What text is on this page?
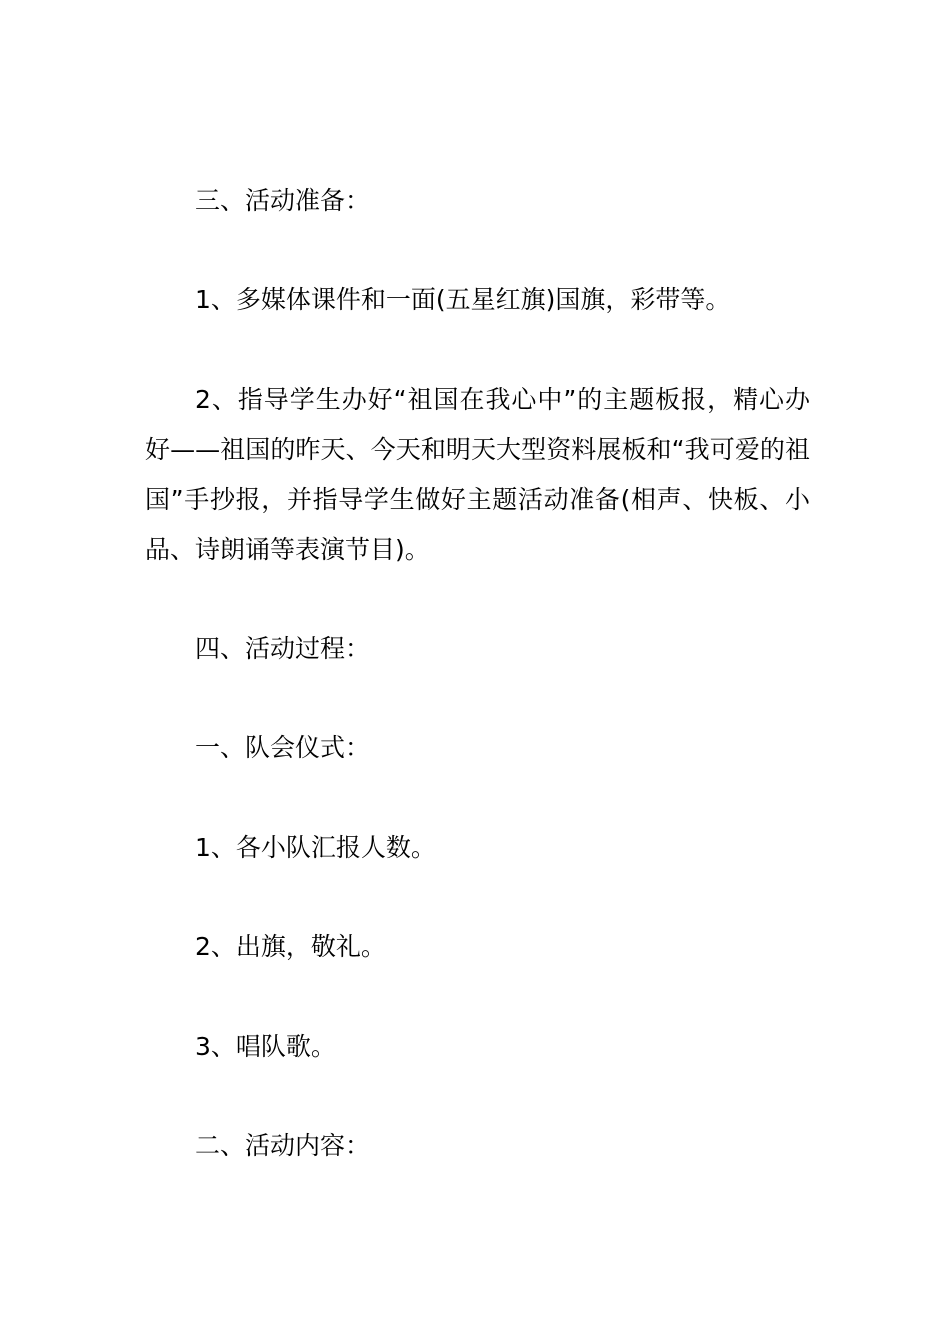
三、活动准备：

1、多媒体课件和一面(五星红旗)国旗，彩带等。

2、指导学生办好“祖国在我心中”的主题板报，精心办好——祖国的昨天、今天和明天大型资料展板和“我可爱的祖国”手抄报，并指导学生做好主题活动准备(相声、快板、小品、诗朗诵等表演节目)。

四、活动过程：

一、队会仪式：

1、各小队汇报人数。

2、出旗，敬礼。

3、唱队歌。

二、活动内容：
